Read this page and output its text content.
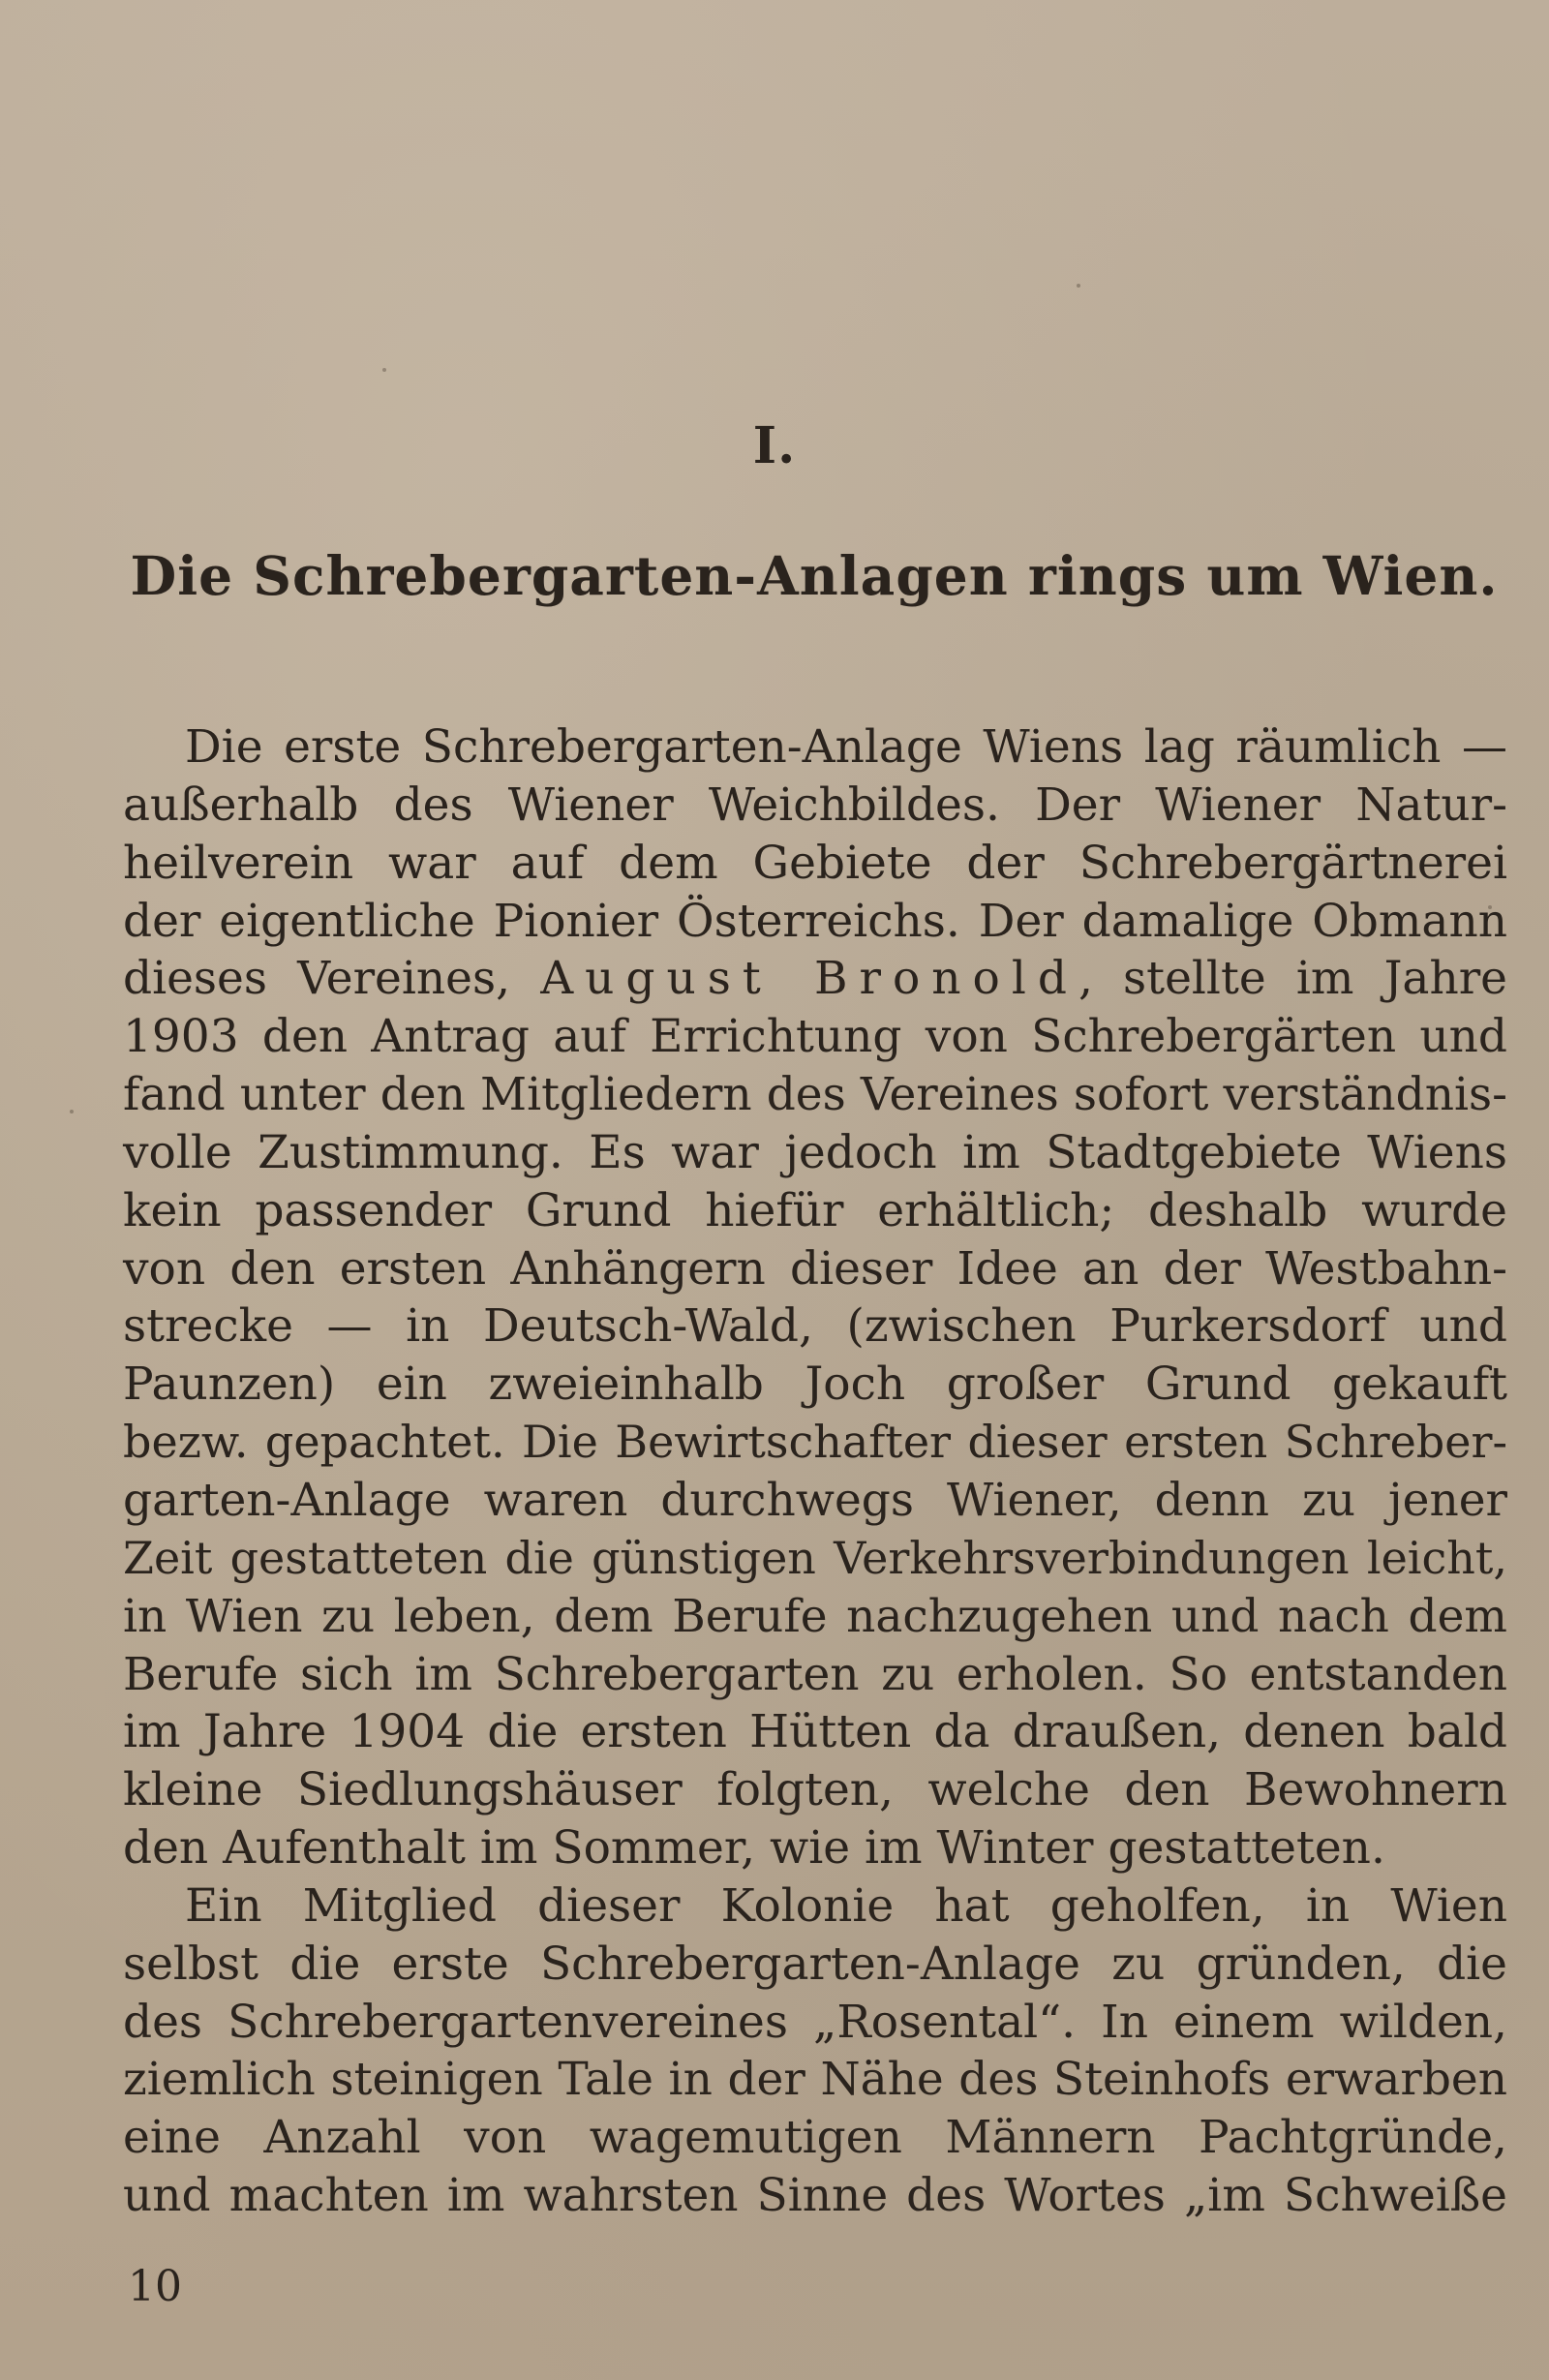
I.
Die Schrebergarten-Anlagen rings um Wien.
Die erste Schrebergarten-Anlage Wiens lag räumlich —
außerhalb des Wiener Weichbildes. Der Wiener Natur-
heilverein war auf dem Gebiete der Schrebergärtnerei
der eigentliche Pionier Österreichs. Der damalige Obmann
dieses Vereines, August Bronold, stellte im Jahre
1903 den Antrag auf Errichtung von Schrebergärten und
fand unter den Mitgliedern des Vereines sofort verständnis-
volle Zustimmung. Es war jedoch im Stadtgebiete Wiens
kein passender Grund hiefür erhältlich; deshalb wurde
von den ersten Anhängern dieser Idee an der Westbahn-
strecke — in Deutsch-Wald, (zwischen Purkersdorf und
Paunzen) ein zweieinhalb Joch großer Grund gekauft
bezw. gepachtet. Die Bewirtschafter dieser ersten Schreber-
garten-Anlage waren durchwegs Wiener, denn zu jener
Zeit gestatteten die günstigen Verkehrsverbindungen leicht,
in Wien zu leben, dem Berufe nachzugehen und nach dem
Berufe sich im Schrebergarten zu erholen. So entstanden
im Jahre 1904 die ersten Hütten da draußen, denen bald
kleine Siedlungshäuser folgten, welche den Bewohnern
den Aufenthalt im Sommer, wie im Winter gestatteten.
Ein Mitglied dieser Kolonie hat geholfen, in Wien
selbst die erste Schrebergarten-Anlage zu gründen, die
des Schrebergartenvereines „Rosental“. In einem wilden,
ziemlich steinigen Tale in der Nähe des Steinhofs erwarben
eine Anzahl von wagemutigen Männern Pachtgründe,
und machten im wahrsten Sinne des Wortes „im Schweiße
10
